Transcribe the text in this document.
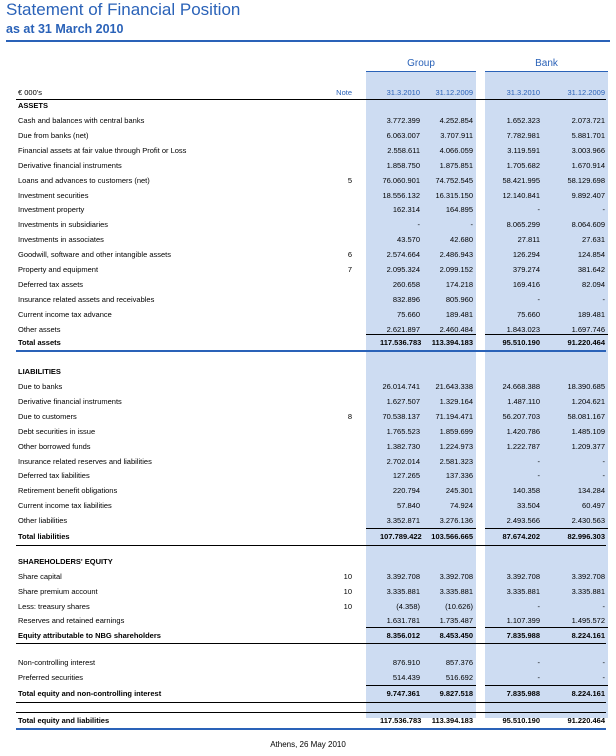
Statement of Financial Position
as at 31 March 2010
Group	Bank
€ 000's	Note	31.3.2010	31.12.2009	31.3.2010	31.12.2009
ASSETS
Cash and balances with central banks	3.772.399	4.252.854	1.652.323	2.073.721
Due from banks (net)	6.063.007	3.707.911	7.782.981	5.881.701
Financial assets at fair value through Profit or Loss	2.558.611	4.066.059	3.119.591	3.003.966
Derivative financial instruments	1.858.750	1.875.851	1.705.682	1.670.914
Loans and advances to customers (net)	5	76.060.901	74.752.545	58.421.995	58.129.698
Investment securities	18.556.132	16.315.150	12.140.841	9.892.407
Investment property	162.314	164.895	-	-
Investments in subsidiaries	-	-	8.065.299	8.064.609
Investments in associates	43.570	42.680	27.811	27.631
Goodwill, software and other intangible assets	6	2.574.664	2.486.943	126.294	124.854
Property and equipment	7	2.095.324	2.099.152	379.274	381.642
Deferred tax assets	260.658	174.218	169.416	82.094
Insurance related assets and receivables	832.896	805.960	-	-
Current income tax advance	75.660	189.481	75.660	189.481
Other assets	2.621.897	2.460.484	1.843.023	1.697.746
Total assets	117.536.783	113.394.183	95.510.190	91.220.464
LIABILITIES
Due to banks	26.014.741	21.643.338	24.668.388	18.390.685
Derivative financial instruments	1.627.507	1.329.164	1.487.110	1.204.621
Due to customers	8	70.538.137	71.194.471	56.207.703	58.081.167
Debt securities in issue	1.765.523	1.859.699	1.420.786	1.485.109
Other borrowed funds	1.382.730	1.224.973	1.222.787	1.209.377
Insurance related reserves and liabilities	2.702.014	2.581.323	-	-
Deferred tax liabilities	127.265	137.336	-	-
Retirement benefit obligations	220.794	245.301	140.358	134.284
Current income tax liabilities	57.840	74.924	33.504	60.497
Other liabilities	3.352.871	3.276.136	2.493.566	2.430.563
Total liabilities	107.789.422	103.566.665	87.674.202	82.996.303
SHAREHOLDERS' EQUITY
Share capital	10	3.392.708	3.392.708	3.392.708	3.392.708
Share premium account	10	3.335.881	3.335.881	3.335.881	3.335.881
Less: treasury shares	10	(4.358)	(10.626)	-	-
Reserves and retained earnings	1.631.781	1.735.487	1.107.399	1.495.572
Equity attributable to NBG shareholders	8.356.012	8.453.450	7.835.988	8.224.161
Non-controlling interest	876.910	857.376	-	-
Preferred securities	514.439	516.692	-	-
Total equity and non-controlling interest	9.747.361	9.827.518	7.835.988	8.224.161
Total equity and liabilities	117.536.783	113.394.183	95.510.190	91.220.464
Athens, 26 May 2010
